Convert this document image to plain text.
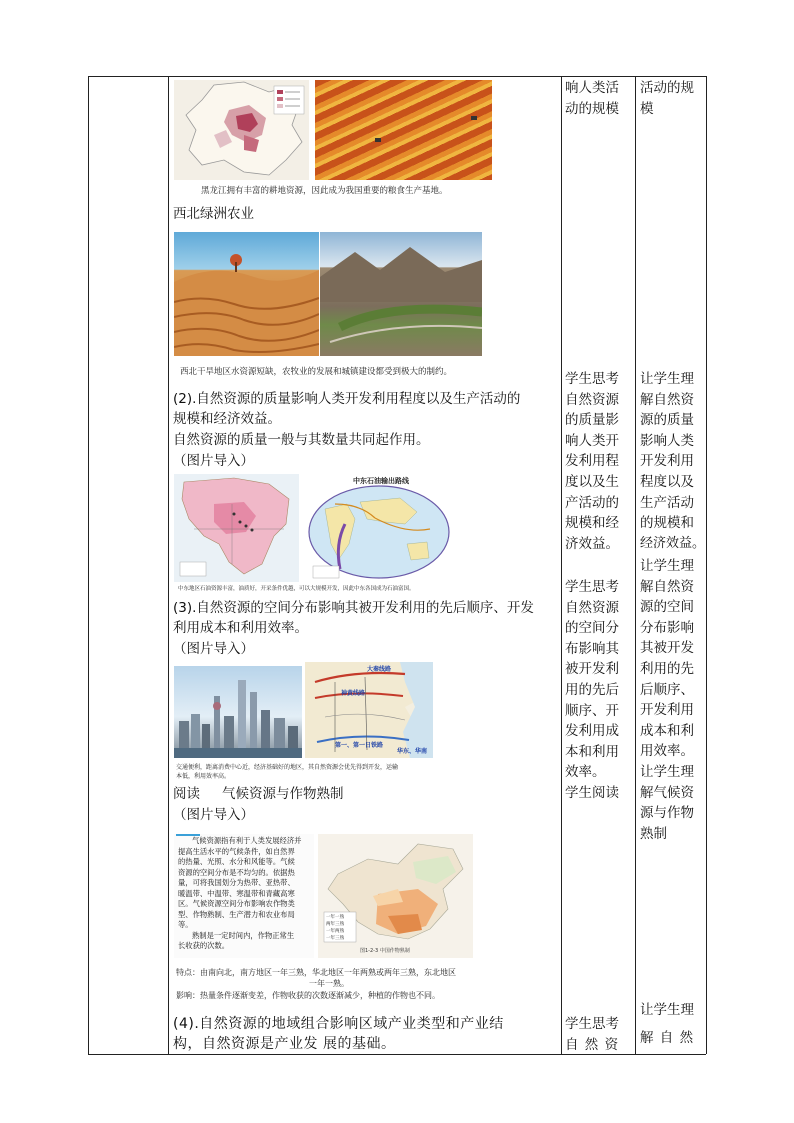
黑龙江拥有丰富的耕地资源，因此成为我国重要的粮食生产基地。
西北绿洲农业
西北干旱地区水资源短缺，农牧业的发展和城镇建设都受到极大的制约。
(2).自然资源的质量影响人类开发利用程度以及生产活动的
规模和经济效益。
自然资源的质量一般与其数量共同起作用。
（图片导入）
中东石油输出路线
中东地区石油资源丰富，油质好，开采条件优越，可以大规模开发，因此中东各国成为石油富国。
(3).自然资源的空间分布影响其被开发利用的先后顺序、开发
利用成本和利用效率。
（图片导入）
大秦线路
神黄线路
华东、华南
第一、第一日铁路
交通便利，距离消费中心近，经济基础好的地区，其自然资源会优先得到开发，运输
本低，利用效率高。
阅读 气候资源与作物熟制
（图片导入）
气候资源指有利于人类发展经济并
提高生活水平的气候条件，如自然界
的热量、光照、水分和风能等。气候
资源的空间分布是不均匀的。依据热
量，可将我国划分为热带、亚热带、
暖温带、中温带、寒温带和青藏高寒
区。气候资源空间分布影响农作物类
型、作物熟制、生产潜力和农业布局
等。
熟制是一定时间内，作物正常生
长收获的次数。
一年一熟
两年三熟
一年两熟
一年三熟
图1-2-3 中国作物熟制
特点：由南向北，南方地区一年三熟，华北地区一年两熟或两年三熟，东北地区
一年一熟。
影响：热量条件逐渐变差，作物收获的次数逐渐减少，种植的作物也不同。
(4).自然资源的地域组合影响区域产业类型和产业结
构，自然资源是产业发 展的基础。
响人类活
动的规模
学生思考
自然资源
的质量影
响人类开
发利用程
度以及生
产活动的
规模和经
济效益。
学生思考
自然资源
的空间分
布影响其
被开发利
用的先后
顺序、开
发利用成
本和利用
效率。
学生阅读
学生思考
自 然 资
活动的规
模
让学生理
解自然资
源的质量
影响人类
开发利用
程度以及
生产活动
的规模和
经济效益。
让学生理
解自然资
源的空间
分布影响
其被开发
利用的先
后顺序、
开发利用
成本和利
用效率。
让学生理
解气候资
源与作物
熟制
让学生理
解 自 然
